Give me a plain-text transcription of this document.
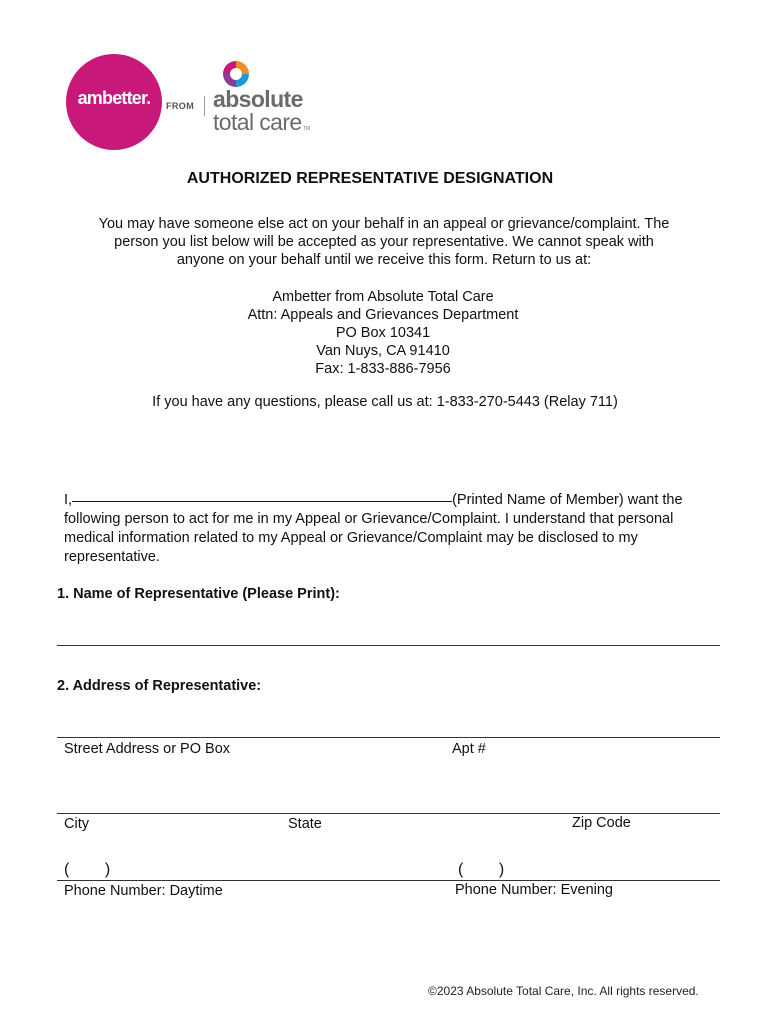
ambetter.	FROM absolute
total care TM
AUTHORIZED REPRESENTATIVE DESIGNATION
You may have someone else act on your behalf in an appeal or grievance/complaint. The
person you list below will be accepted as your representative. We cannot speak with
anyone on your behalf until we receive this form. Return to us at:
Ambetter from Absolute Total Care
Attn: Appeals and Grievances Department
PO Box 10341
Van Nuys, CA 91410
Fax: 1-833-886-7956
If you have any questions, please call us at: 1-833-270-5443 (Relay 711)
I,	(Printed Name of Member) want the
following person to act for me in my Appeal or Grievance/Complaint. I understand that personal
medical information related to my Appeal or Grievance/Complaint may be disclosed to my
representative.
1. Name of Representative (Please Print):
2. Address of Representative:
Street Address or PO Box	Apt #
City	State	Zip Code
(        )	(        )
Phone Number: Daytime	Phone Number: Evening
©2023 Absolute Total Care, Inc. All rights reserved.
